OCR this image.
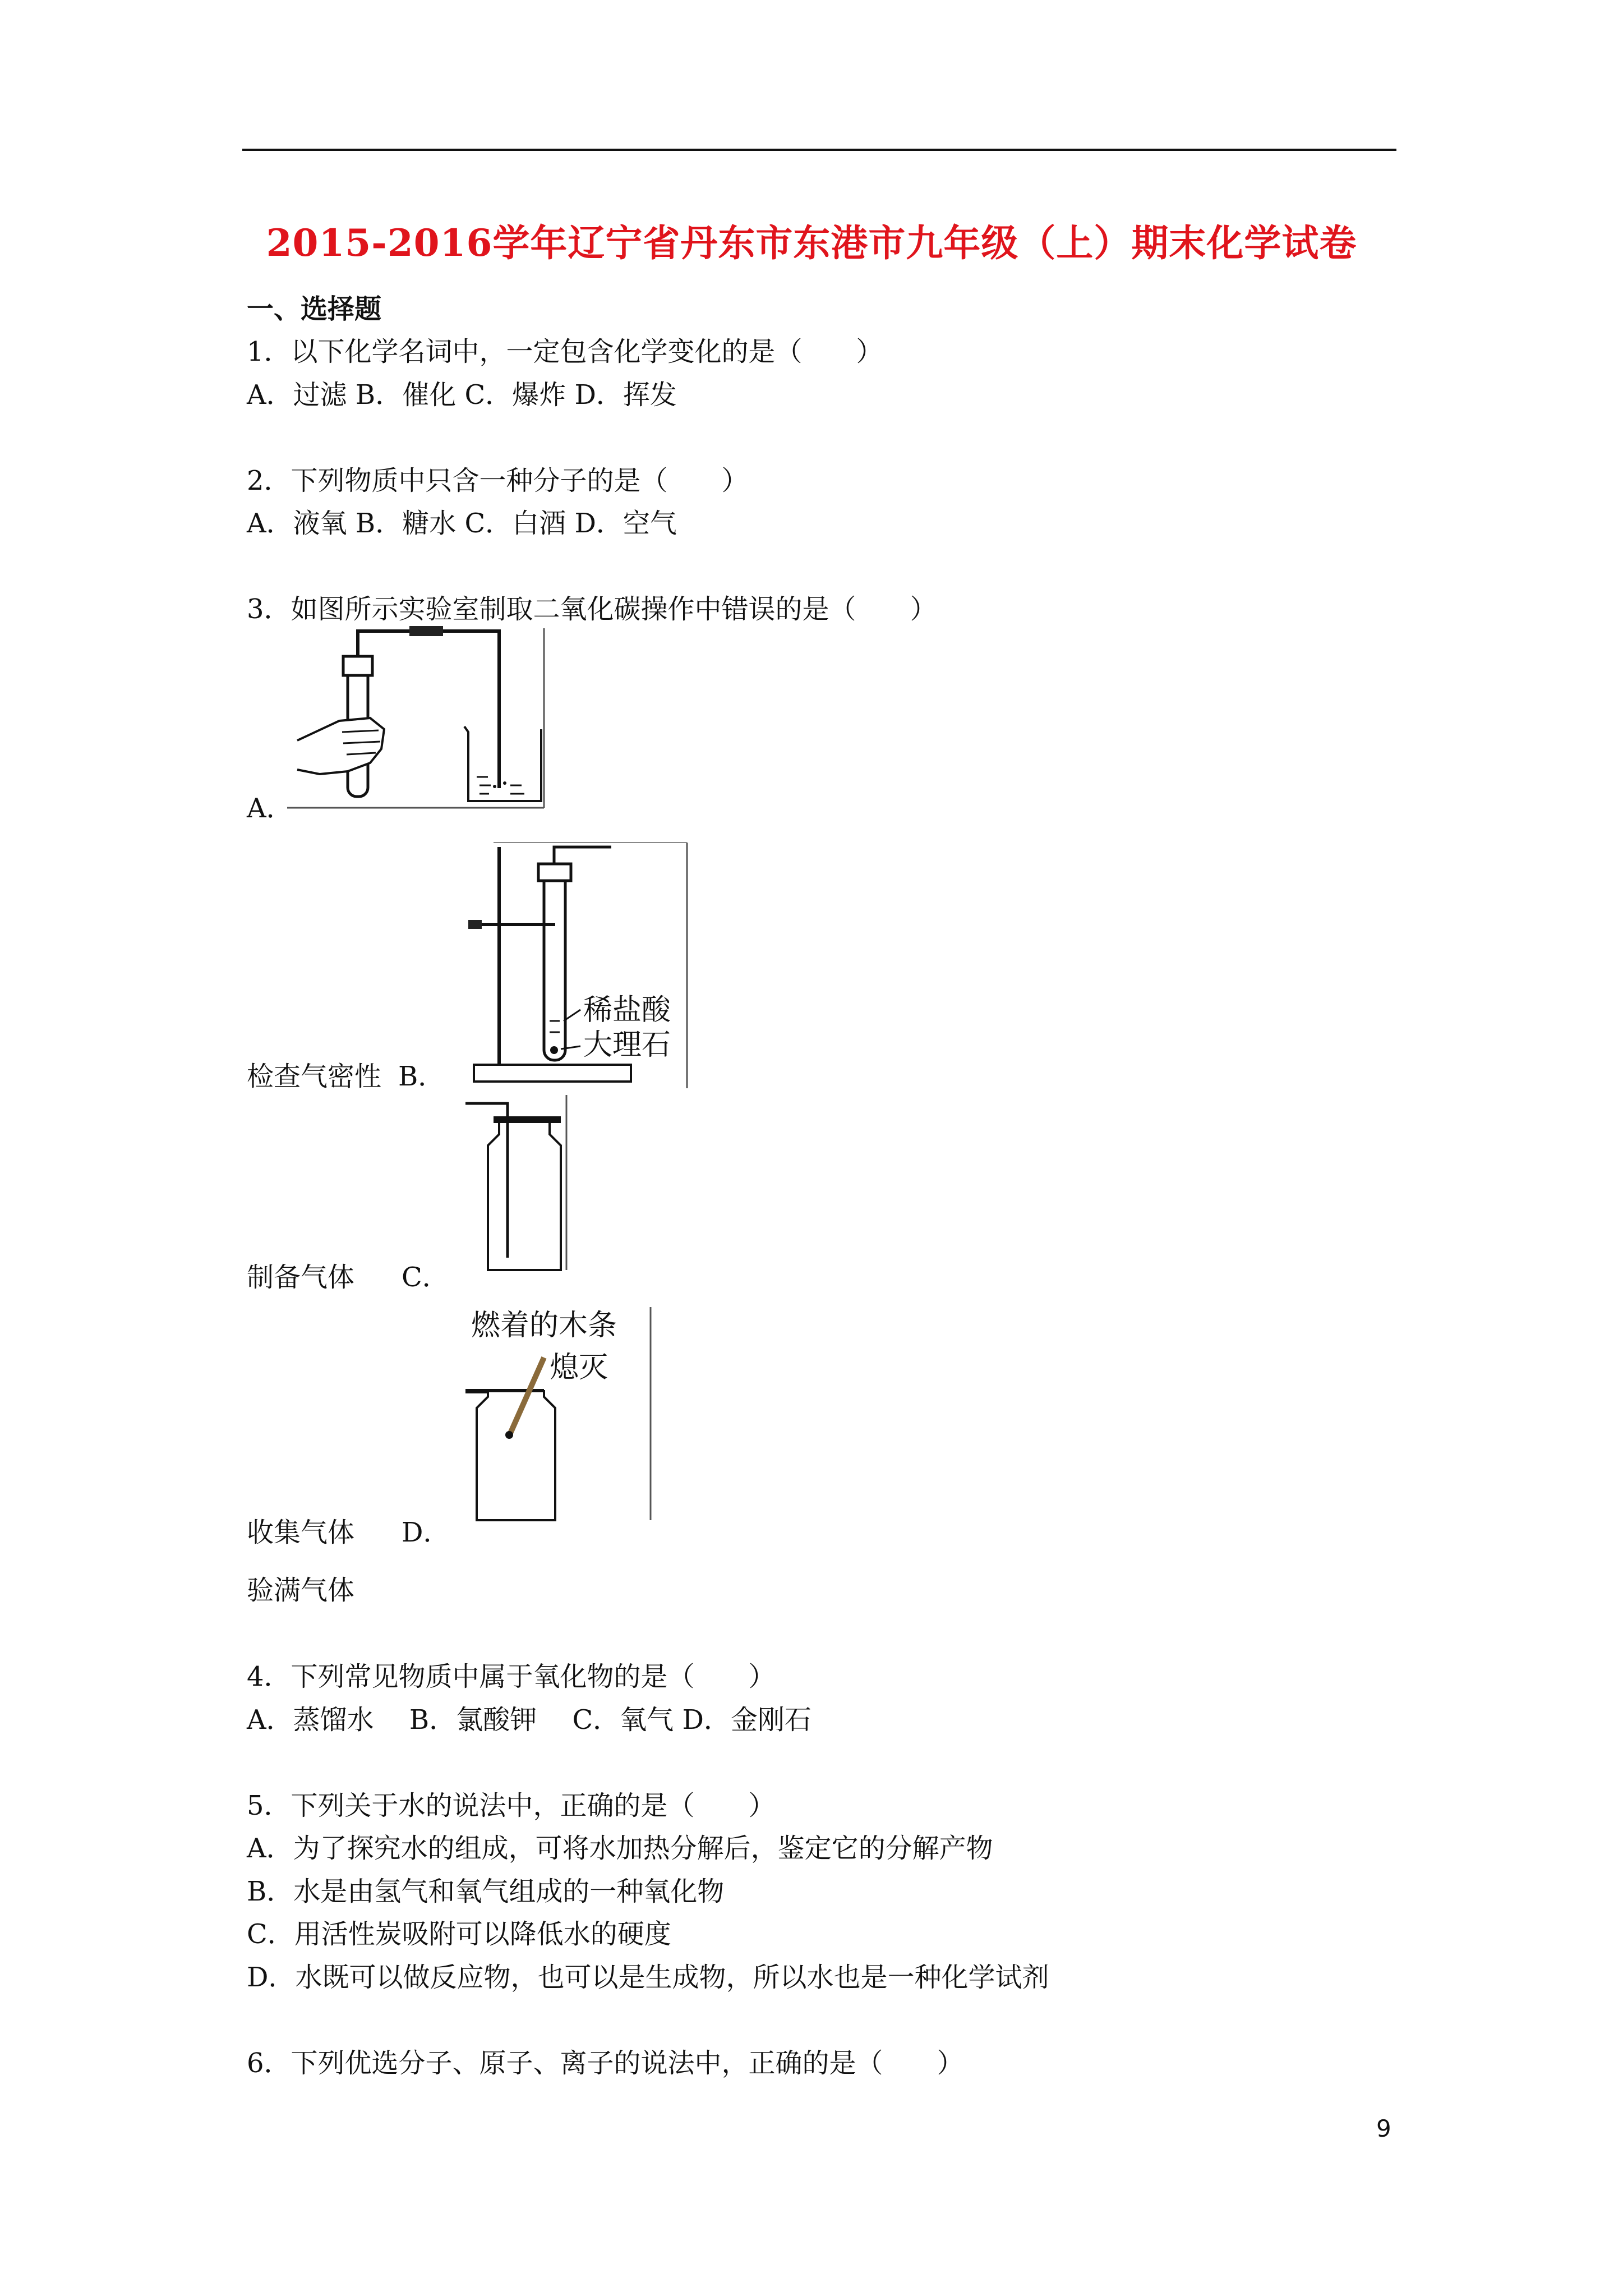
2015-2016学年辽宁省丹东市东港市九年级（上）期末化学试卷
一、选择题
1．以下化学名词中，一定包含化学变化的是（　　）
A．过滤 B．催化 C．爆炸 D．挥发
2．下列物质中只含一种分子的是（　　）
A．液氧 B．糖水 C．白酒 D．空气
3．如图所示实验室制取二氧化碳操作中错误的是（　　）
A．
稀盐酸
大理石
检查气密性 B．
制备气体 C．
燃着的木条
熄灭
收集气体 D．
验满气体
4．下列常见物质中属于氧化物的是（　　）
A．蒸馏水　 B．氯酸钾　 C．氧气 D．金刚石
5．下列关于水的说法中，正确的是（　　）
A．为了探究水的组成，可将水加热分解后，鉴定它的分解产物
B．水是由氢气和氧气组成的一种氧化物
C．用活性炭吸附可以降低水的硬度
D．水既可以做反应物，也可以是生成物，所以水也是一种化学试剂
6．下列优选分子、原子、离子的说法中，正确的是（　　）
9
